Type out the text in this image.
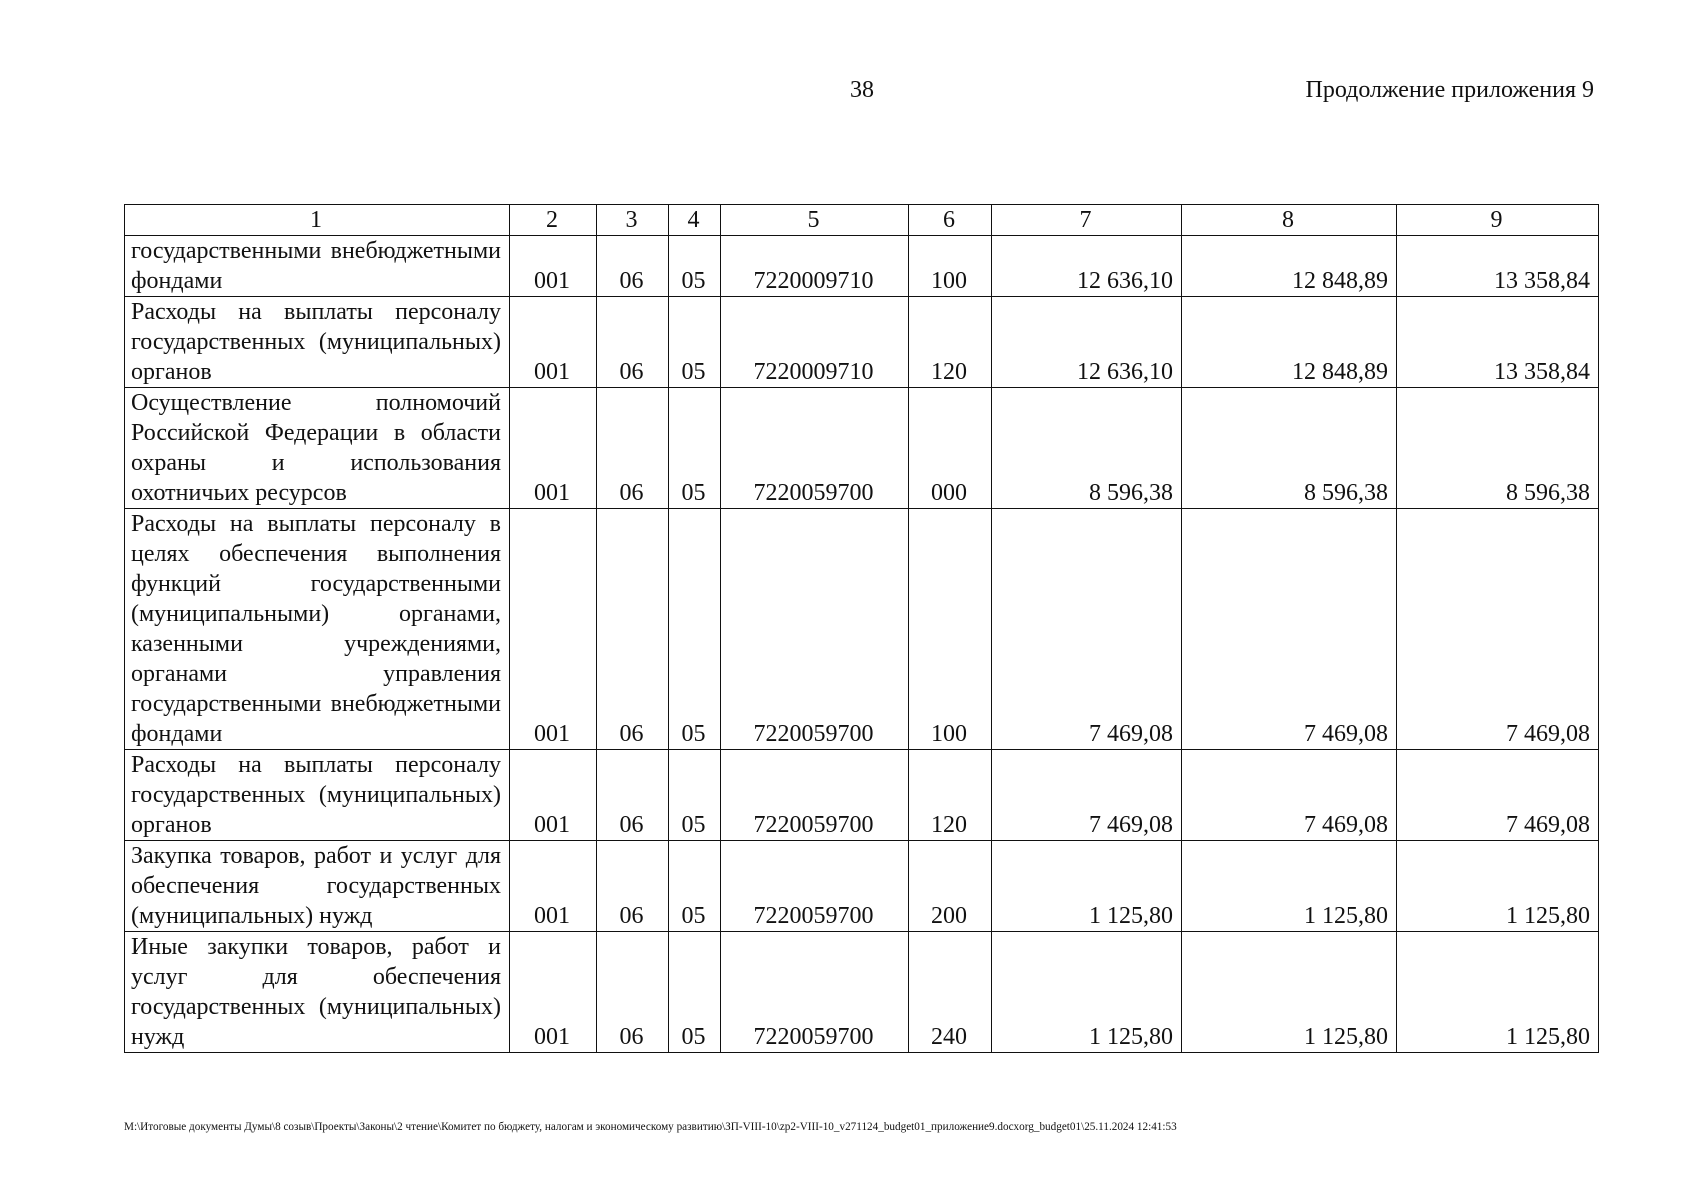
38	Продолжение приложения 9
1	2	3	4	5	6	7	8	9
государственными внебюджетными фондами	001	06	05	7220009710	100	12 636,10	12 848,89	13 358,84
Расходы на выплаты персоналу государственных (муниципальных) органов	001	06	05	7220009710	120	12 636,10	12 848,89	13 358,84
Осуществление полномочий Российской Федерации в области охраны и использования охотничьих ресурсов	001	06	05	7220059700	000	8 596,38	8 596,38	8 596,38
Расходы на выплаты персоналу в целях обеспечения выполнения функций государственными (муниципальными) органами, казенными учреждениями, органами управления государственными внебюджетными фондами	001	06	05	7220059700	100	7 469,08	7 469,08	7 469,08
Расходы на выплаты персоналу государственных (муниципальных) органов	001	06	05	7220059700	120	7 469,08	7 469,08	7 469,08
Закупка товаров, работ и услуг для обеспечения государственных (муниципальных) нужд	001	06	05	7220059700	200	1 125,80	1 125,80	1 125,80
Иные закупки товаров, работ и услуг для обеспечения государственных (муниципальных) нужд	001	06	05	7220059700	240	1 125,80	1 125,80	1 125,80
M:\Итоговые документы Думы\8 созыв\Проекты\Законы\2 чтение\Комитет по бюджету, налогам и экономическому развитию\ЗП-VIII-10\zp2-VIII-10_v271124_budget01_приложение9.docxorg_budget01\25.11.2024 12:41:53
